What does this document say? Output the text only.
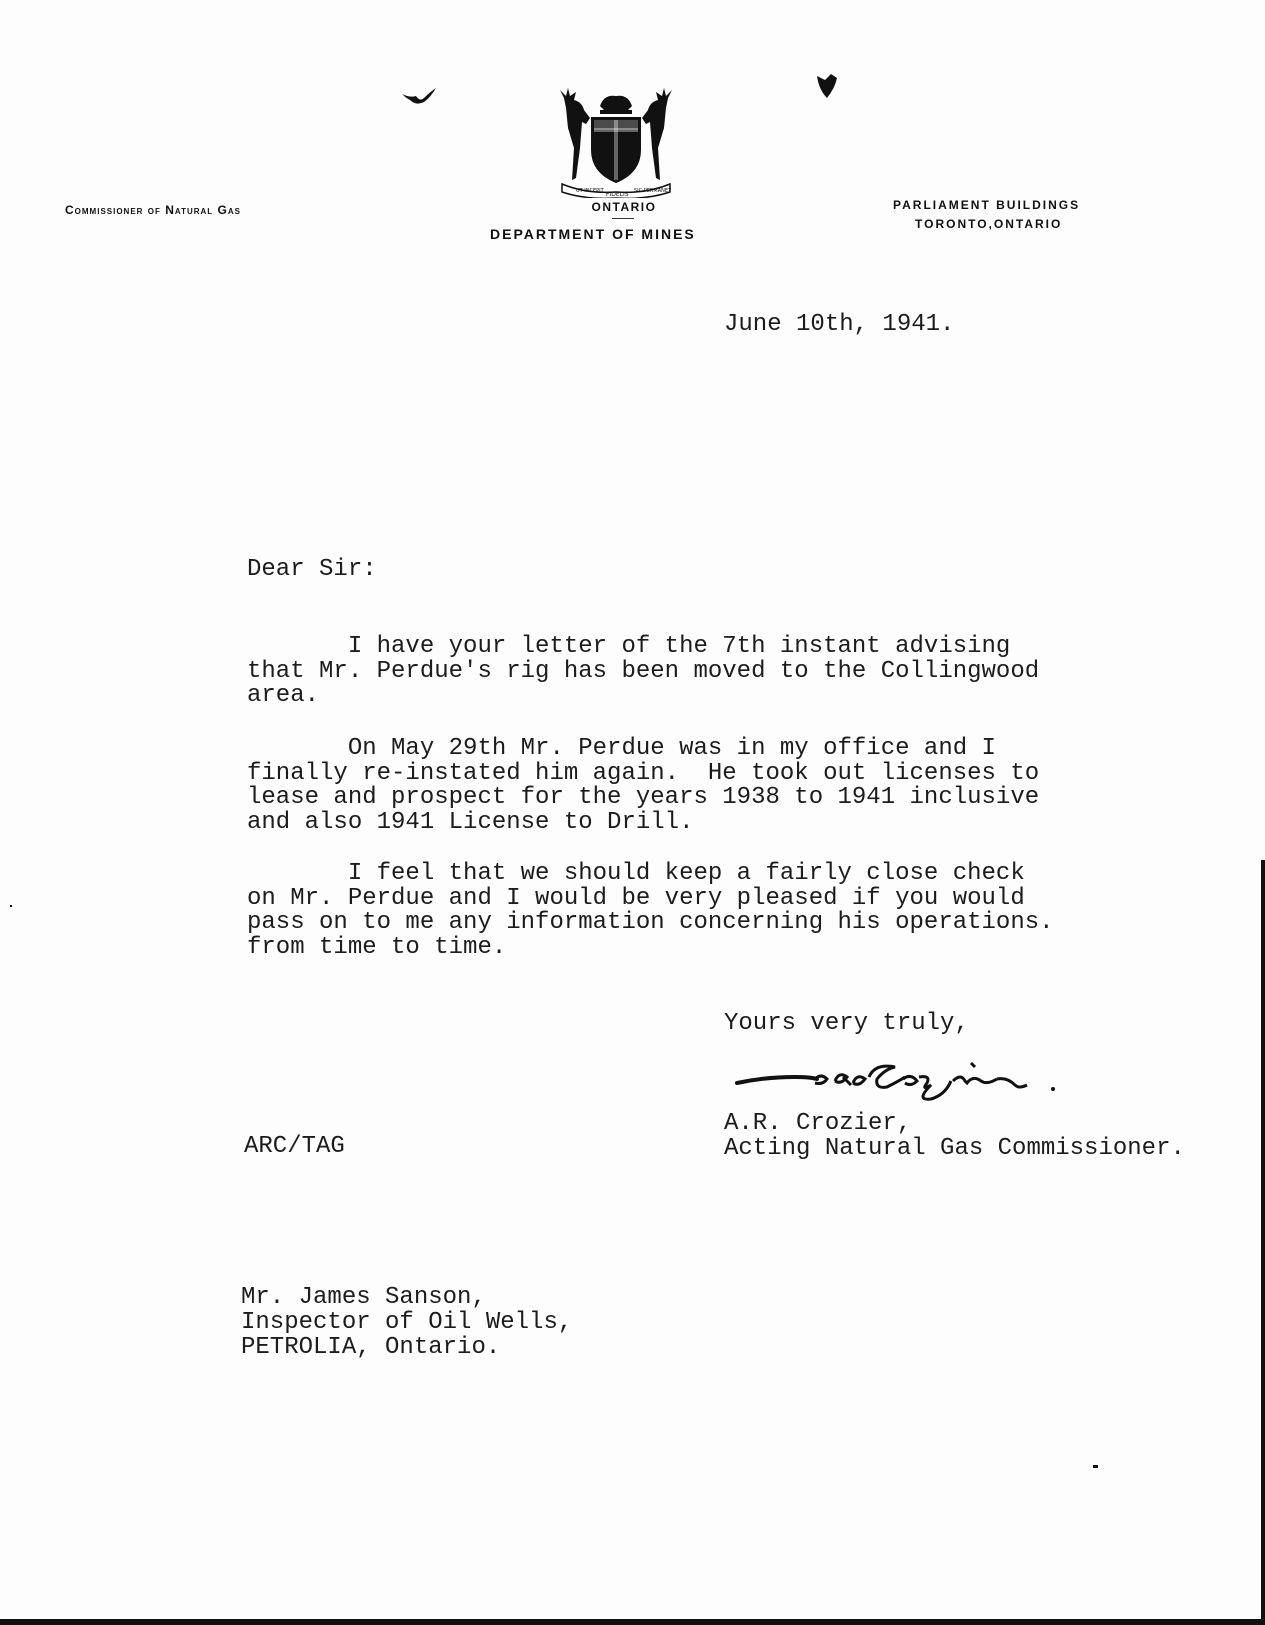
Commissioner of Natural Gas
UT INCEPIT FIDELIS SIC PERMANET
ONTARIO
DEPARTMENT OF MINES
PARLIAMENT BUILDINGS
TORONTO,ONTARIO
June 10th, 1941.
Dear Sir:
I have your letter of the 7th instant advising
that Mr. Perdue's rig has been moved to the Collingwood
area.
On May 29th Mr. Perdue was in my office and I
finally re-instated him again.  He took out licenses to
lease and prospect for the years 1938 to 1941 inclusive
and also 1941 License to Drill.
I feel that we should keep a fairly close check
on Mr. Perdue and I would be very pleased if you would
pass on to me any information concerning his operations.
from time to time.
Yours very truly,
A.R. Crozier,
Acting Natural Gas Commissioner.
ARC/TAG
Mr. James Sanson,
Inspector of Oil Wells,
PETROLIA, Ontario.
